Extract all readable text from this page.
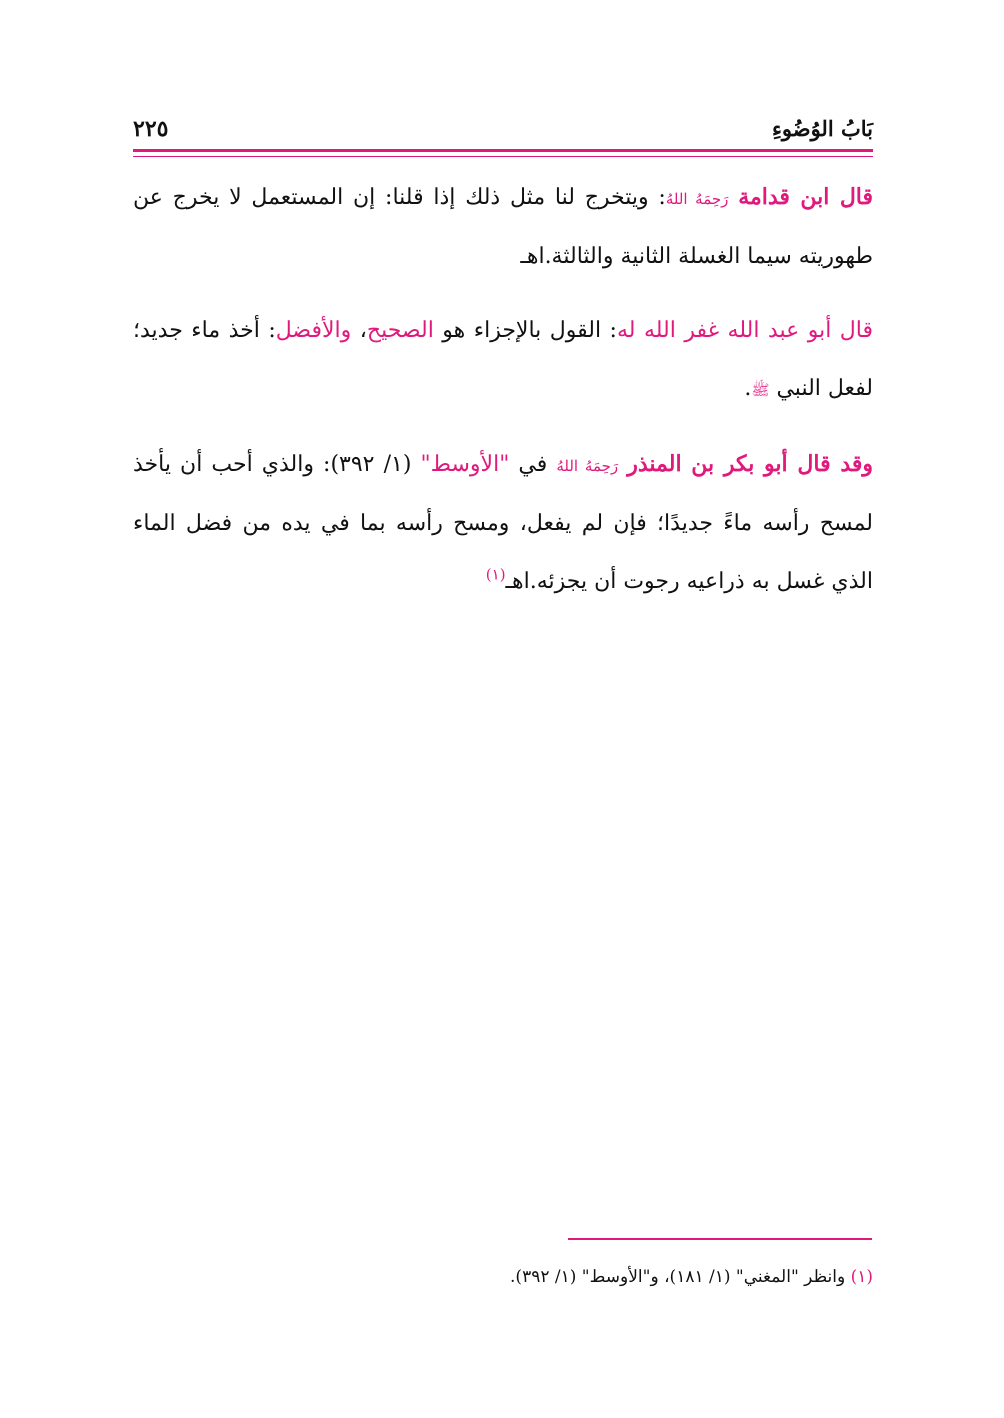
بَابُ الوُضُوءِ
٢٢٥

قال ابن قدامة رَحِمَهُ اللهُ: ويتخرج لنا مثل ذلك إذا قلنا: إن المستعمل لا يخرج عن طهوريته سيما الغسلة الثانية والثالثة.اهـ

قال أبو عبد الله غفر الله له: القول بالإجزاء هو الصحيح، والأفضل: أخذ ماء جديد؛ لفعل النبي ﷺ.

وقد قال أبو بكر بن المنذر رَحِمَهُ اللهُ في "الأوسط" (١/ ٣٩٢): والذي أحب أن يأخذ لمسح رأسه ماءً جديدًا؛ فإن لم يفعل، ومسح رأسه بما في يده من فضل الماء الذي غسل به ذراعيه رجوت أن يجزئه.اهـ$^{(١)}$

(١) وانظر "المغني" (١/ ١٨١)، و"الأوسط" (١/ ٣٩٢).
